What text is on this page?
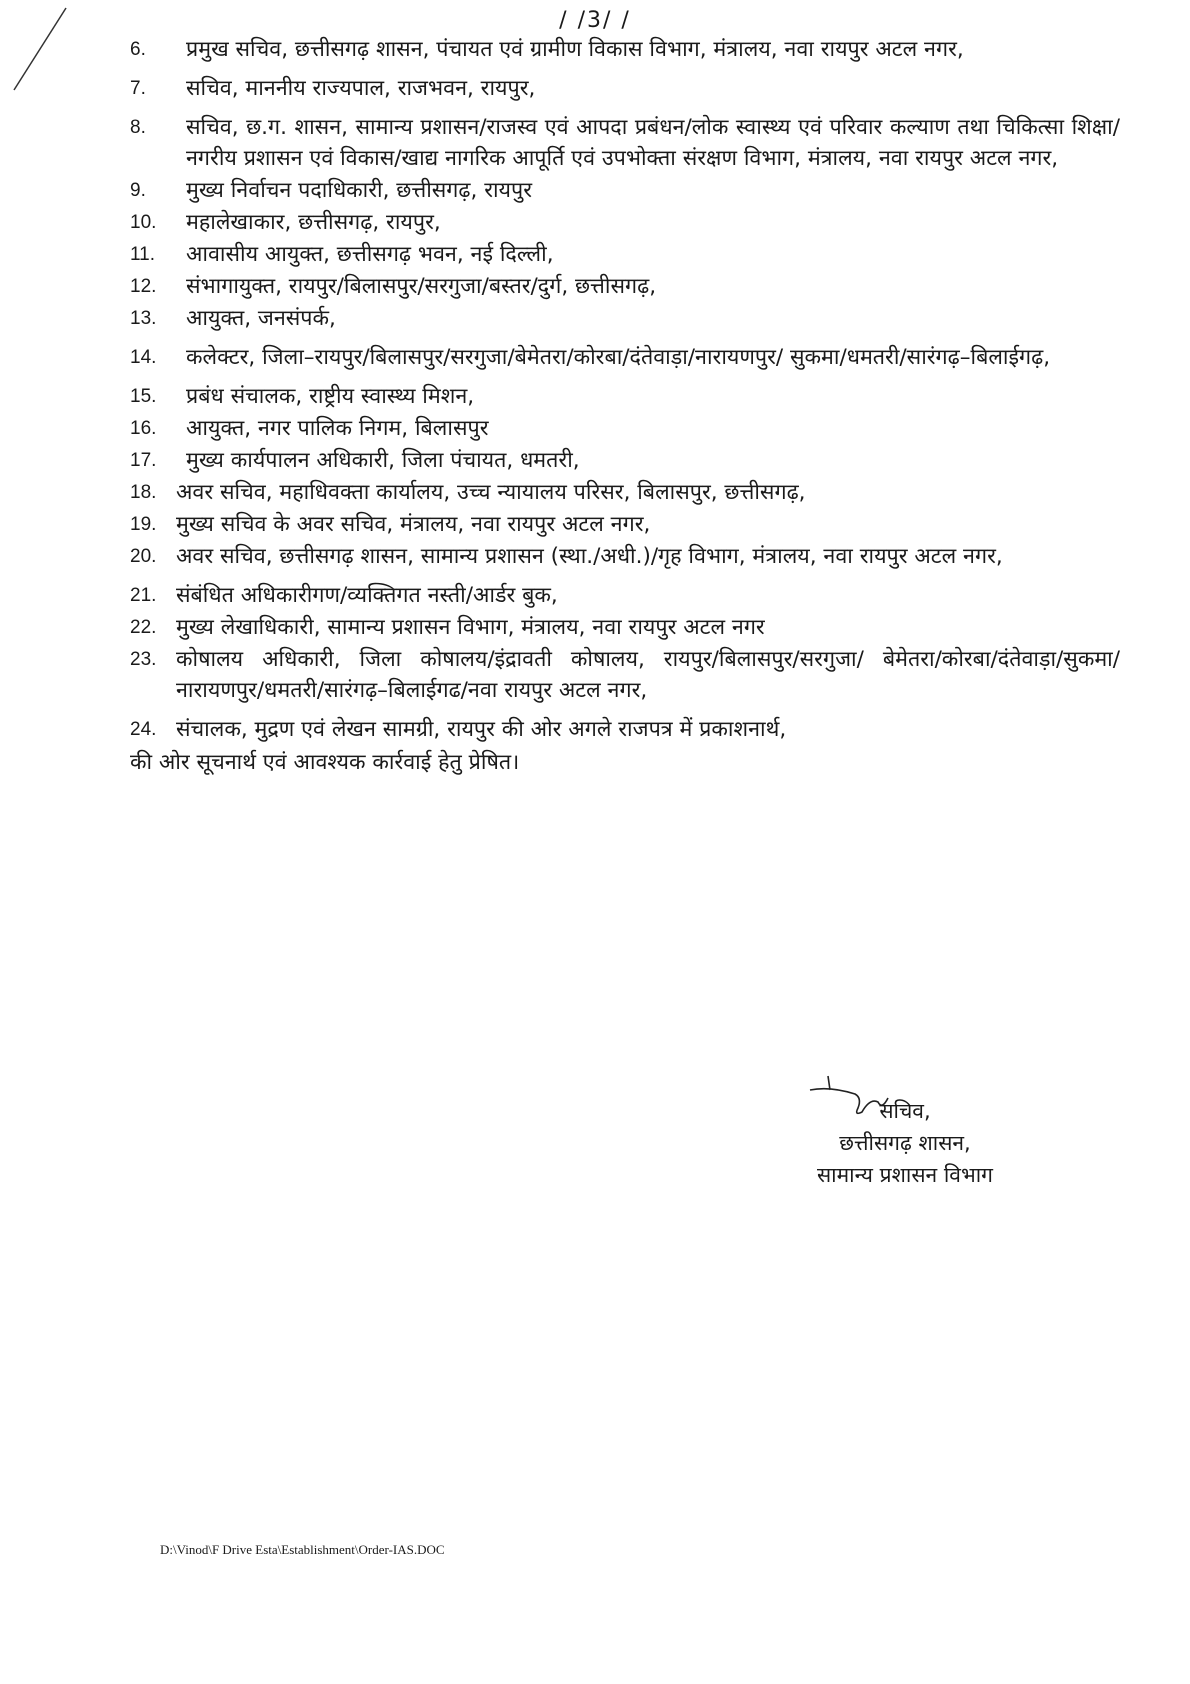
/ /3/ /
6.	प्रमुख सचिव, छत्तीसगढ़ शासन, पंचायत एवं ग्रामीण विकास विभाग, मंत्रालय, नवा रायपुर अटल नगर,
7.	सचिव, माननीय राज्यपाल, राजभवन, रायपुर,
8.	सचिव, छ.ग. शासन, सामान्य प्रशासन/राजस्व एवं आपदा प्रबंधन/लोक स्वास्थ्य एवं परिवार कल्याण तथा चिकित्सा शिक्षा/नगरीय प्रशासन एवं विकास/खाद्य नागरिक आपूर्ति एवं उपभोक्ता संरक्षण विभाग, मंत्रालय, नवा रायपुर अटल नगर,
9.	मुख्य निर्वाचन पदाधिकारी, छत्तीसगढ़, रायपुर
10.	महालेखाकार, छत्तीसगढ़, रायपुर,
11.	आवासीय आयुक्त, छत्तीसगढ़ भवन, नई दिल्ली,
12.	संभागायुक्त, रायपुर/बिलासपुर/सरगुजा/बस्तर/दुर्ग, छत्तीसगढ़,
13.	आयुक्त, जनसंपर्क,
14.	कलेक्टर, जिला–रायपुर/बिलासपुर/सरगुजा/बेमेतरा/कोरबा/दंतेवाड़ा/नारायणपुर/ सुकमा/धमतरी/सारंगढ़–बिलाईगढ़,
15.	प्रबंध संचालक, राष्ट्रीय स्वास्थ्य मिशन,
16.	आयुक्त, नगर पालिक निगम, बिलासपुर
17.	मुख्य कार्यपालन अधिकारी, जिला पंचायत, धमतरी,
18. अवर सचिव, महाधिवक्ता कार्यालय, उच्च न्यायालय परिसर, बिलासपुर, छत्तीसगढ़,
19. मुख्य सचिव के अवर सचिव, मंत्रालय, नवा रायपुर अटल नगर,
20. अवर सचिव, छत्तीसगढ़ शासन, सामान्य प्रशासन (स्था./अधी.)/गृह विभाग, मंत्रालय, नवा रायपुर अटल नगर,
21. संबंधित अधिकारीगण/व्यक्तिगत नस्ती/आर्डर बुक,
22. मुख्य लेखाधिकारी, सामान्य प्रशासन विभाग, मंत्रालय, नवा रायपुर अटल नगर
23. कोषालय अधिकारी, जिला कोषालय/इंद्रावती कोषालय, रायपुर/बिलासपुर/सरगुजा/ बेमेतरा/कोरबा/दंतेवाड़ा/सुकमा/नारायणपुर/धमतरी/सारंगढ़–बिलाईगढ/नवा रायपुर अटल नगर,
24. संचालक, मुद्रण एवं लेखन सामग्री, रायपुर की ओर अगले राजपत्र में प्रकाशनार्थ,
की ओर सूचनार्थ एवं आवश्यक कार्रवाई हेतु प्रेषित।
सचिव,
छत्तीसगढ़ शासन,
सामान्य प्रशासन विभाग
D:\Vinod\F Drive Esta\Establishment\Order-IAS.DOC
